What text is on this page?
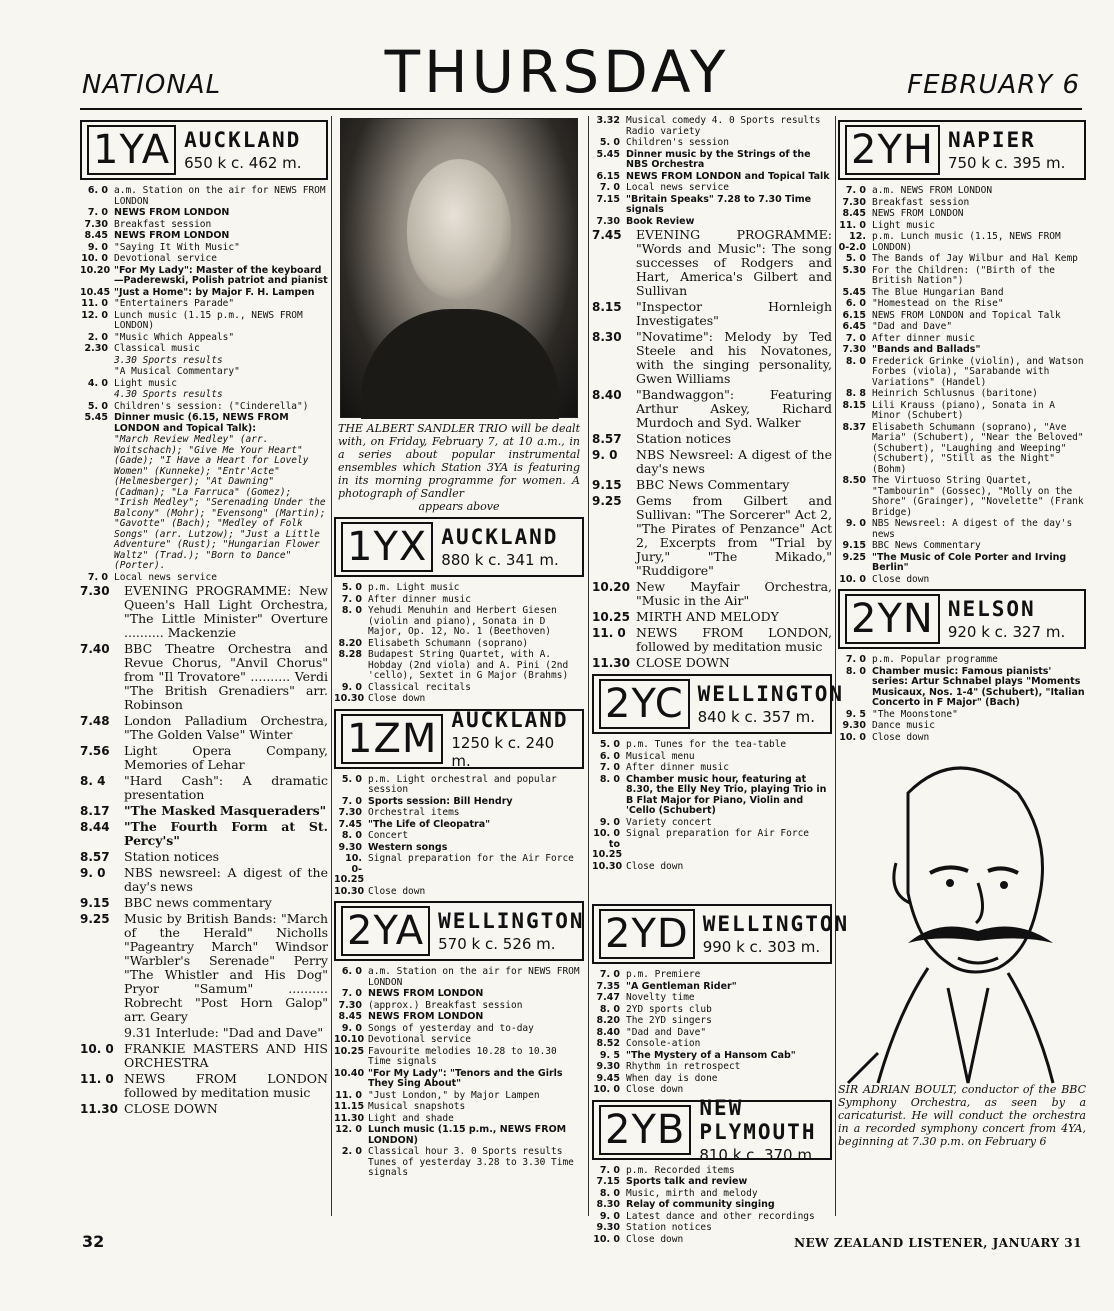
NATIONAL	THURSDAY	FEBRUARY 6
1YA AUCKLAND
650 k c. 462 m.
6. 0 a.m. Station on the air for NEWS FROM LONDON
7. 0 NEWS FROM LONDON
7.30 Breakfast session
8.45 NEWS FROM LONDON
9. 0 "Saying It With Music"
10. 0 Devotional service
10.20 "For My Lady": Master of the keyboard—Paderewski, Polish patriot and pianist
10.45 "Just a Home": by Major F. H. Lampen
11. 0 "Entertainers Parade"
12. 0 Lunch music (1.15 p.m., NEWS FROM LONDON)
2. 0 "Music Which Appeals"
2.30 Classical music
3.30 Sports results
"A Musical Commentary"
4. 0 Light music
4.30 Sports results
5. 0 Children's session: ("Cinderella")
5.45 Dinner music (6.15, NEWS FROM LONDON and Topical Talk):
"March Review Medley" (arr. Woitschach); "Give Me Your Heart" (Gade); "I Have a Heart for Lovely Women" (Kunneke); "Entr'Acte" (Helmesberger); "At Dawning" (Cadman); "La Farruca" (Gomez); "Irish Medley"; "Serenading Under the Balcony" (Mohr); "Evensong" (Martin); "Gavotte" (Bach); "Medley of Folk Songs" (arr. Lutzow); "Just a Little Adventure" (Rust); "Hungarian Flower Waltz" (Trad.); "Born to Dance" (Porter).
7. 0 Local news service
7.30	EVENING PROGRAMME: New Queen's Hall Light Orchestra, "The Little Minister" Overture .......... Mackenzie
7.40	BBC Theatre Orchestra and Revue Chorus, "Anvil Chorus" from "Il Trovatore" .......... Verdi "The British Grenadiers" arr. Robinson
7.48	London Palladium Orchestra, "The Golden Valse" Winter
7.56	Light Opera Company, Memories of Lehar
8. 4	"Hard Cash": A dramatic presentation
8.17	"The Masked Masqueraders"
8.44	"The Fourth Form at St. Percy's"
8.57	Station notices
9. 0	NBS newsreel: A digest of the day's news
9.15	BBC news commentary
9.25	Music by British Bands: "March of the Herald" Nicholls "Pageantry March" Windsor "Warbler's Serenade" Perry "The Whistler and His Dog" Pryor "Samum" .......... Robrecht "Post Horn Galop" arr. Geary
9.31 Interlude: "Dad and Dave"
10. 0 FRANKIE MASTERS AND HIS ORCHESTRA
11. 0 NEWS FROM LONDON followed by meditation music
11.30 CLOSE DOWN
THE ALBERT SANDLER TRIO will be dealt with, on Friday, February 7, at 10 a.m., in a series about popular instrumental ensembles which Station 3YA is featuring in its morning programme for women. A photograph of Sandler
appears above
1YX AUCKLAND
880 k c. 341 m.
5. 0 p.m. Light music
7. 0 After dinner music
8. 0 Yehudi Menuhin and Herbert Giesen (violin and piano), Sonata in D Major, Op. 12, No. 1 (Beethoven)
8.20 Elisabeth Schumann (soprano)
8.28 Budapest String Quartet, with A. Hobday (2nd viola) and A. Pini (2nd 'cello), Sextet in G Major (Brahms)
9. 0 Classical recitals
10.30 Close down
1ZM AUCKLAND
1250 k c. 240 m.
5. 0 p.m. Light orchestral and popular session
7. 0 Sports session: Bill Hendry
7.30 Orchestral items
7.45 "The Life of Cleopatra"
8. 0 Concert
9.30 Western songs
10. 0-10.25
Signal preparation for the Air Force
10.30 Close down
2YA WELLINGTON
570 k c. 526 m.
6. 0 a.m. Station on the air for NEWS FROM LONDON
7. 0 NEWS FROM LONDON
7.30 (approx.) Breakfast session
8.45 NEWS FROM LONDON
9. 0 Songs of yesterday and to-day
10.10 Devotional service
10.25 Favourite melodies 10.28 to 10.30 Time signals
10.40 "For My Lady": "Tenors and the Girls They Sing About"
11. 0 "Just London," by Major Lampen
11.15 Musical snapshots
11.30 Light and shade
12. 0 Lunch music (1.15 p.m., NEWS FROM LONDON)
2. 0 Classical hour 3. 0 Sports results Tunes of yesterday 3.28 to 3.30 Time signals
3.32 Musical comedy 4. 0 Sports results Radio variety
5. 0 Children's session
5.45 Dinner music by the Strings of the NBS Orchestra
6.15 NEWS FROM LONDON and Topical Talk
7. 0 Local news service
7.15 "Britain Speaks" 7.28 to 7.30 Time signals
7.30 Book Review
7.45	EVENING PROGRAMME: "Words and Music": The song successes of Rodgers and Hart, America's Gilbert and Sullivan
8.15	"Inspector Hornleigh Investigates"
8.30	"Novatime": Melody by Ted Steele and his Novatones, with the singing personality, Gwen Williams
8.40	"Bandwaggon": Featuring Arthur Askey, Richard Murdoch and Syd. Walker
8.57	Station notices
9. 0	NBS Newsreel: A digest of the day's news
9.15	BBC News Commentary
9.25	Gems from Gilbert and Sullivan: "The Sorcerer" Act 2, "The Pirates of Penzance" Act 2, Excerpts from "Trial by Jury," "The Mikado," "Ruddigore"
10.20 New Mayfair Orchestra, "Music in the Air"
10.25 MIRTH AND MELODY
11. 0 NEWS FROM LONDON, followed by meditation music
11.30 CLOSE DOWN
2YC WELLINGTON
840 k c. 357 m.
5. 0 p.m. Tunes for the tea-table
6. 0 Musical menu
7. 0 After dinner music
8. 0 Chamber music hour, featuring at 8.30, the Elly Ney Trio, playing Trio in B Flat Major for Piano, Violin and 'Cello (Schubert)
9. 0 Variety concert
10. 0 to 10.25
Signal preparation for Air Force
10.30 Close down
2YD WELLINGTON
990 k c. 303 m.
7. 0 p.m. Premiere
7.35 "A Gentleman Rider"
7.47 Novelty time
8. 0 2YD sports club
8.20 The 2YD singers
8.40 "Dad and Dave"
8.52 Console-ation
9. 5 "The Mystery of a Hansom Cab"
9.30 Rhythm in retrospect
9.45 When day is done
10. 0 Close down
2YB NEW PLYMOUTH
810 k c. 370 m.
7. 0 p.m. Recorded items
7.15 Sports talk and review
8. 0 Music, mirth and melody
8.30 Relay of community singing
9. 0 Latest dance and other recordings
9.30 Station notices
10. 0 Close down
2YH NAPIER
750 k c. 395 m.
7. 0 a.m. NEWS FROM LONDON
7.30 Breakfast session
8.45 NEWS FROM LONDON
11. 0 Light music
12. 0-2.0
p.m. Lunch music (1.15, NEWS FROM LONDON)
5. 0 The Bands of Jay Wilbur and Hal Kemp
5.30 For the Children: ("Birth of the British Nation")
5.45 The Blue Hungarian Band
6. 0 "Homestead on the Rise"
6.15 NEWS FROM LONDON and Topical Talk
6.45 "Dad and Dave"
7. 0 After dinner music
7.30 "Bands and Ballads"
8. 0 Frederick Grinke (violin), and Watson Forbes (viola), "Sarabande with Variations" (Handel)
8. 8 Heinrich Schlusnus (baritone)
8.15 Lili Krauss (piano), Sonata in A Minor (Schubert)
8.37 Elisabeth Schumann (soprano), "Ave Maria" (Schubert), "Near the Beloved" (Schubert), "Laughing and Weeping" (Schubert), "Still as the Night" (Bohm)
8.50 The Virtuoso String Quartet, "Tambourin" (Gossec), "Molly on the Shore" (Grainger), "Novelette" (Frank Bridge)
9. 0 NBS Newsreel: A digest of the day's news
9.15 BBC News Commentary
9.25 "The Music of Cole Porter and Irving Berlin"
10. 0 Close down
2YN NELSON
920 k c. 327 m.
7. 0 p.m. Popular programme
8. 0 Chamber music: Famous pianists' series: Artur Schnabel plays "Moments Musicaux, Nos. 1-4" (Schubert), "Italian Concerto in F Major" (Bach)
9. 5 "The Moonstone"
9.30 Dance music
10. 0 Close down
SIR ADRIAN BOULT, conductor of the BBC Symphony Orchestra, as seen by a caricaturist. He will conduct the orchestra in a recorded symphony concert from 4YA, beginning at 7.30 p.m. on February 6
32	NEW ZEALAND LISTENER, JANUARY 31
